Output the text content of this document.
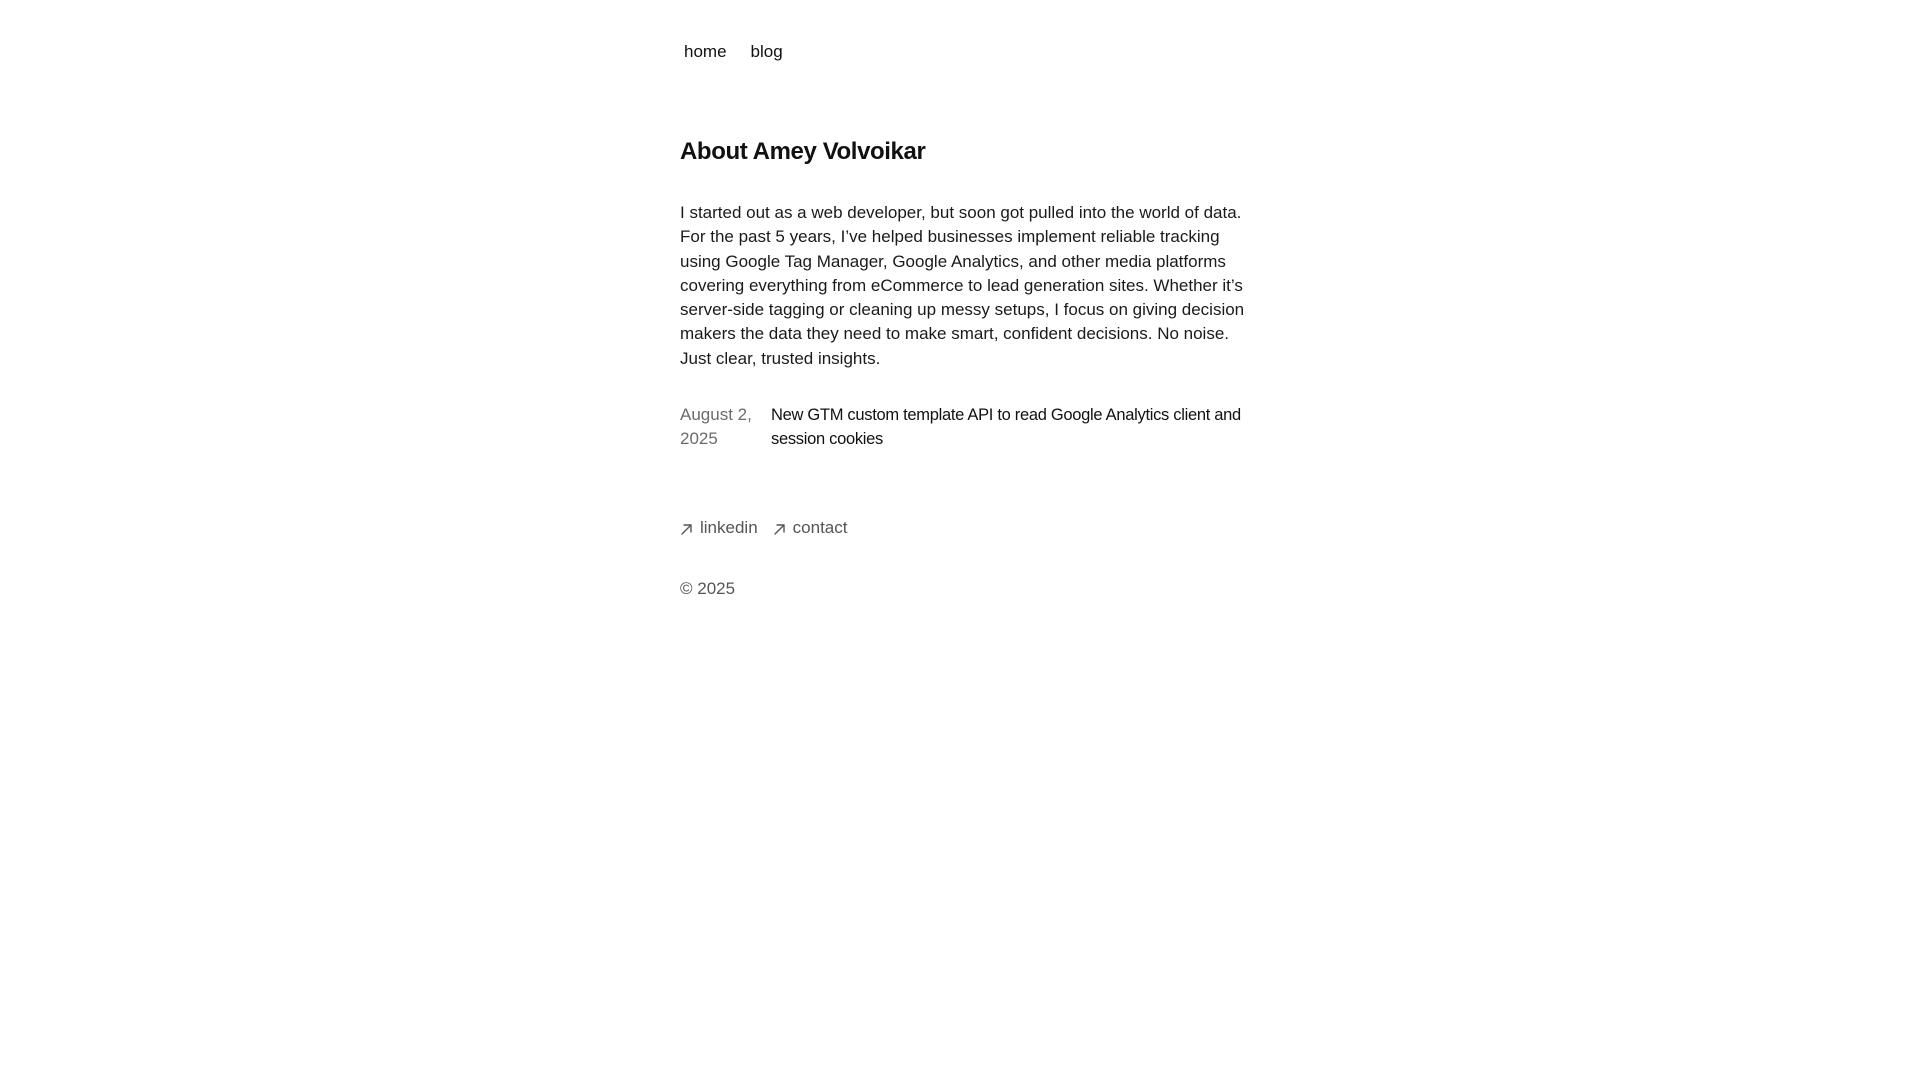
home blog
About Amey Volvoikar

I started out as a web developer, but soon got pulled into the world of data. For the past 5 years, I’ve helped businesses implement reliable tracking using Google Tag Manager, Google Analytics, and other media platforms covering everything from eCommerce to lead generation sites. Whether it’s server-side tagging or cleaning up messy setups, I focus on giving decision makers the data they need to make smart, confident decisions. No noise. Just clear, trusted insights.

August 2, 2025
New GTM custom template API to read Google Analytics client and session cookies
linkedin contact
© 2025
